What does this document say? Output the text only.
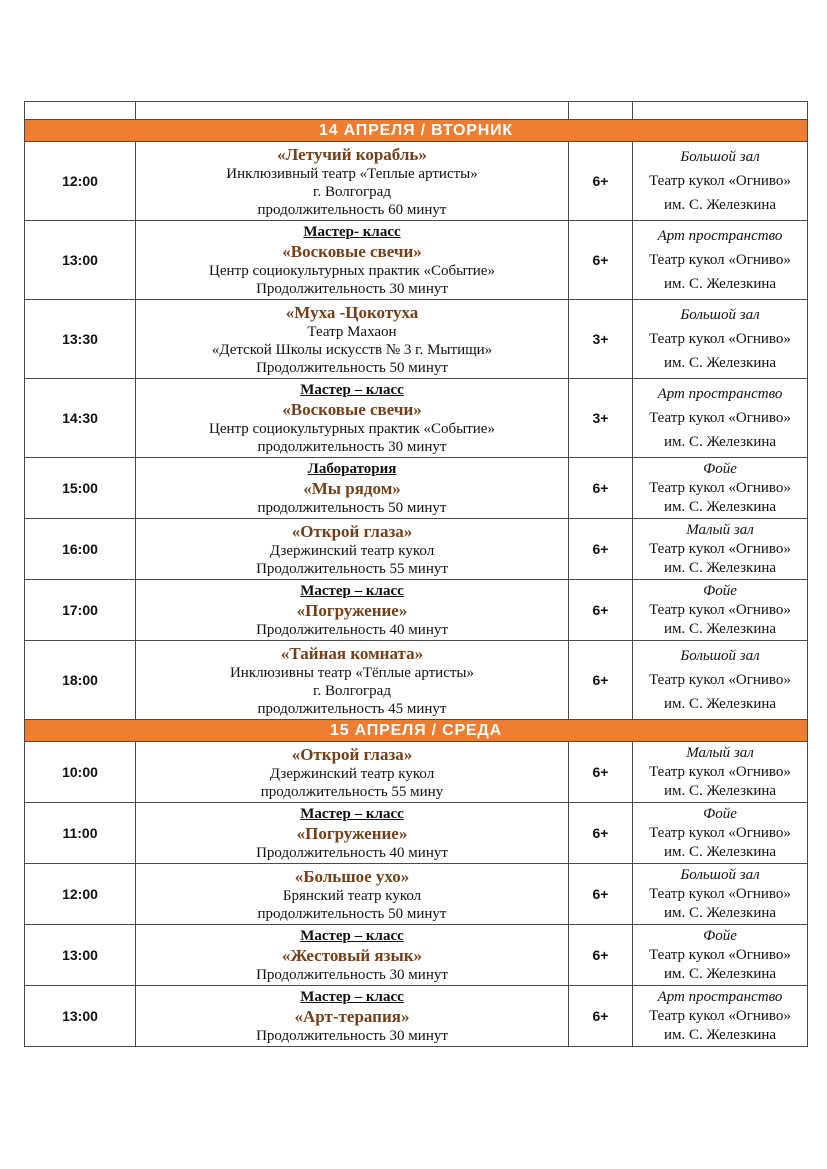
14 АПРЕЛЯ / ВТОРНИК			
12:00	
«Летучий корабль»
Инклюзивный театр «Теплые артисты»
г. Волгоград
продолжительность 60 минут
	6+	
Большой зал
Театр кукол «Огниво»
им. С. Железкина

13:00	
Мастер- класс
«Восковые свечи»
Центр социокультурных практик «Событие»
Продолжительность 30 минут
	6+	
Арт пространство
Театр кукол «Огниво»
им. С. Железкина

13:30	
«Муха -Цокотуха
Театр Махаон
«Детской Школы искусств № 3 г. Мытищи»
Продолжительность 50 минут
	3+	
Большой зал
Театр кукол «Огниво»
им. С. Железкина

14:30	
Мастер – класс
«Восковые свечи»
Центр социокультурных практик «Событие»
продолжительность 30 минут
	3+	
Арт пространство
Театр кукол «Огниво»
им. С. Железкина

15:00	
Лаборатория
«Мы рядом»
продолжительность 50 минут
	6+	
Фойе
Театр кукол «Огниво»
им. С. Железкина

16:00	
«Открой глаза»
Дзержинский театр кукол
Продолжительность 55 минут
	6+	
Малый зал
Театр кукол «Огниво»
им. С. Железкина

17:00	
Мастер – класс
«Погружение»
Продолжительность 40 минут
	6+	
Фойе
Театр кукол «Огниво»
им. С. Железкина

18:00	
«Тайная комната»
Инклюзивны театр «Тёплые артисты»
г. Волгоград
продолжительность 45 минут
	6+	
Большой зал
Театр кукол «Огниво»
им. С. Железкина

15 АПРЕЛЯ / СРЕДА			
10:00	
«Открой глаза»
Дзержинский театр кукол
продолжительность 55 мину
	6+	
Малый зал
Театр кукол «Огниво»
им. С. Железкина

11:00	
Мастер – класс
«Погружение»
Продолжительность 40 минут
	6+	
Фойе
Театр кукол «Огниво»
им. С. Железкина

12:00	
«Большое ухо»
Брянский театр кукол
продолжительность 50 минут
	6+	
Большой зал
Театр кукол «Огниво»
им. С. Железкина

13:00	
Мастер – класс
«Жестовый язык»
Продолжительность 30 минут
	6+	
Фойе
Театр кукол «Огниво»
им. С. Железкина

13:00	
Мастер – класс
«Арт-терапия»
Продолжительность 30 минут
	6+	
Арт пространство
Театр кукол «Огниво»
им. С. Железкина
